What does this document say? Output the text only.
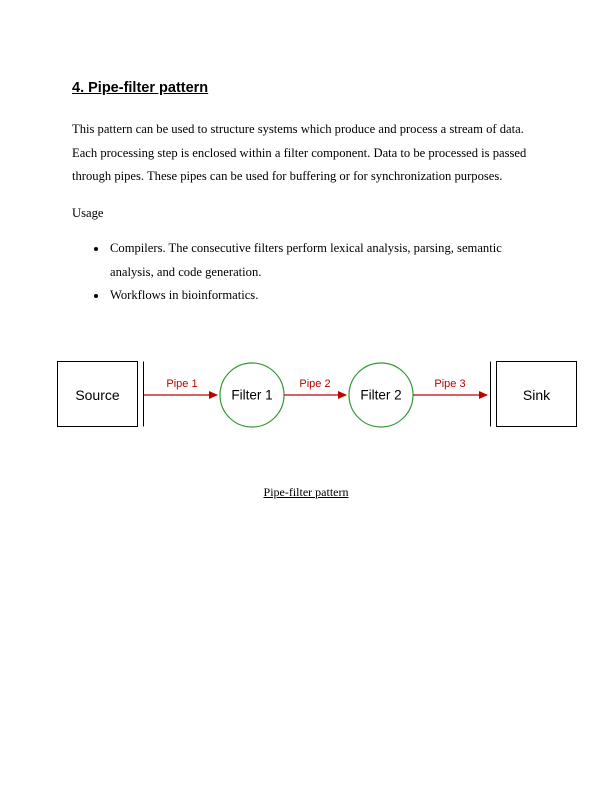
4. Pipe-filter pattern

This pattern can be used to structure systems which produce and process a stream of data. Each processing step is enclosed within a filter component. Data to be processed is passed through pipes. These pipes can be used for buffering or for synchronization purposes.

Usage

• Compilers. The consecutive filters perform lexical analysis, parsing, semantic analysis, and code generation.
• Workflows in bioinformatics.
Source
Pipe 1
Filter 1
Pipe 2
Filter 2
Pipe 3
Sink
Pipe-filter pattern
